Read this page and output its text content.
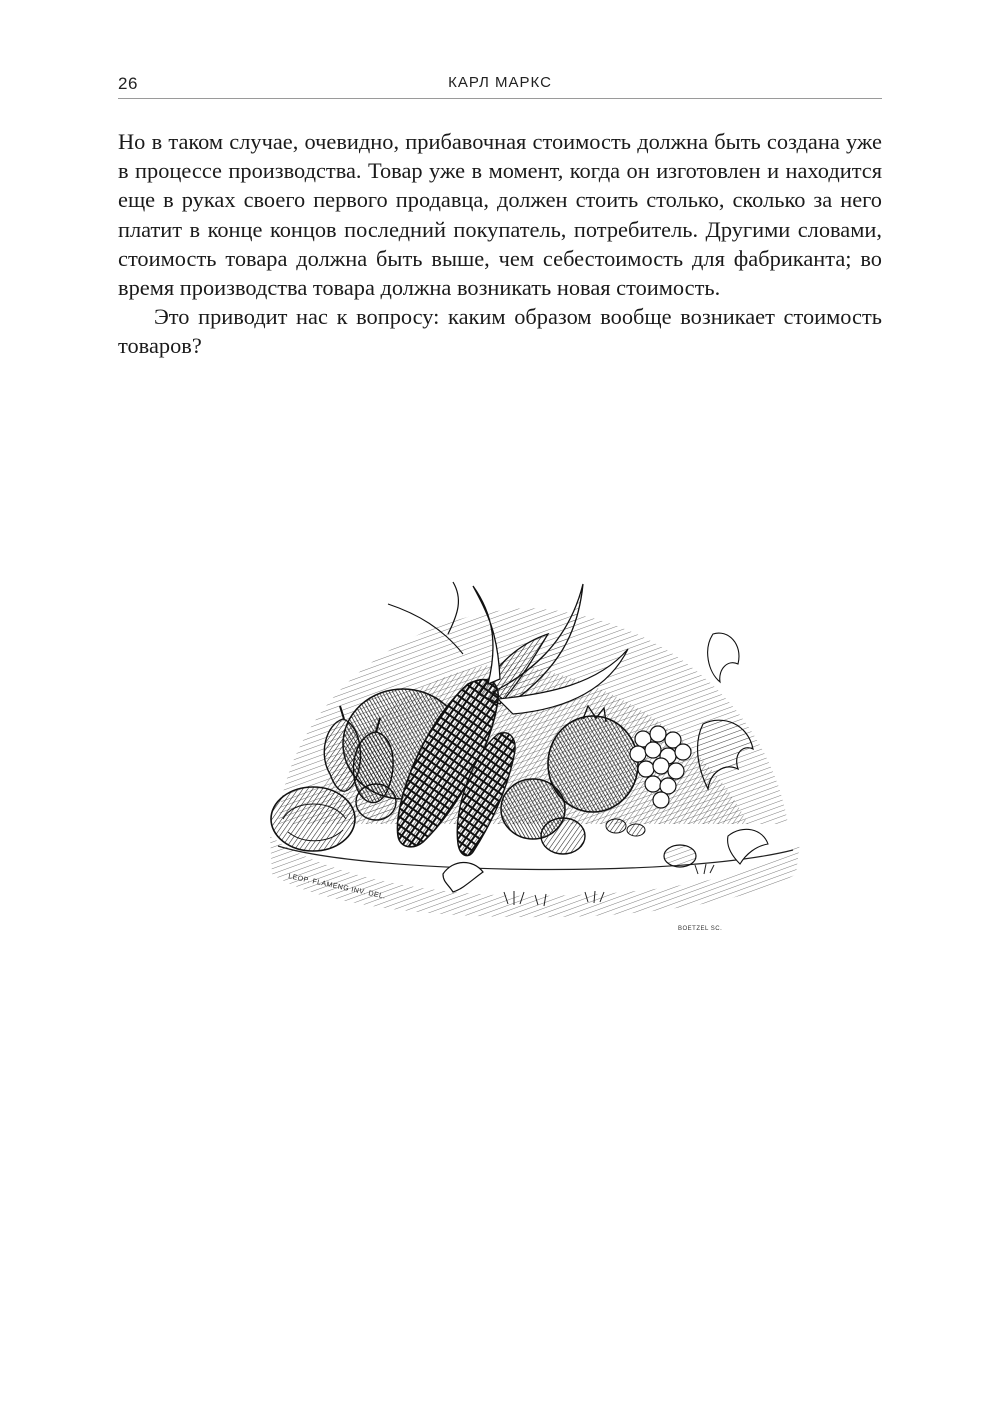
26	КАРЛ МАРКС

Но в таком случае, очевидно, прибавочная стоимость должна быть создана уже в процессе производства. Товар уже в момент, когда он изготовлен и находится еще в руках своего первого продавца, должен стоить столько, сколько за него платит в конце концов последний покупатель, потребитель. Другими словами, стоимость товара должна быть выше, чем себестоимость для фабриканта; во время производства товара должна возникать новая стоимость.

Это приводит нас к вопросу: каким образом вообще возникает стоимость товаров?

LEOP. FLAMENG INV. DEL.
BOETZEL SC.
